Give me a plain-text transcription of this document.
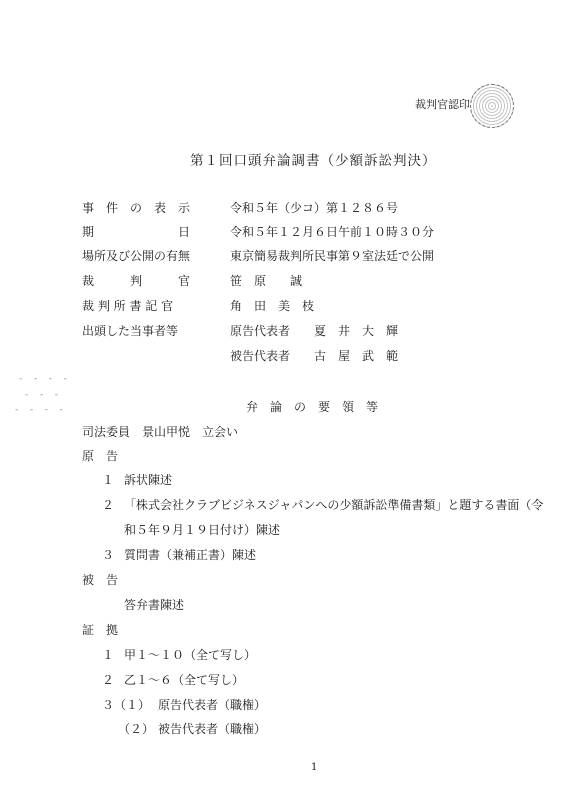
裁判官認印
第１回口頭弁論調書（少額訴訟判決）
事　件　の　表　示	令和５年（少コ）第１２８６号
期　　　　　　　日	令和５年１２月６日午前１０時３０分
場所及び公開の有無	東京簡易裁判所民事第９室法廷で公開
裁　　　判　　　官	笹　原　　誠
裁 判 所 書 記 官	角　田　美　枝
出頭した当事者等	原告代表者　　夏　井　大　輝
被告代表者　　古　屋　武　範
- - - -
- - -
- - - -	弁　論　の　要　領　等
司法委員　景山甲悦　立会い
原　告
１ 訴状陳述
２ 「株式会社クラブビジネスジャパンへの少額訴訟準備書類」と題する書面（令
和５年９月１９日付け）陳述
３ 質問書（兼補正書）陳述
被　告
答弁書陳述
証　拠
１ 甲１～１０（全て写し）
２ 乙１～６（全て写し）
３（１） 原告代表者（職権）
（２） 被告代表者（職権）
1
